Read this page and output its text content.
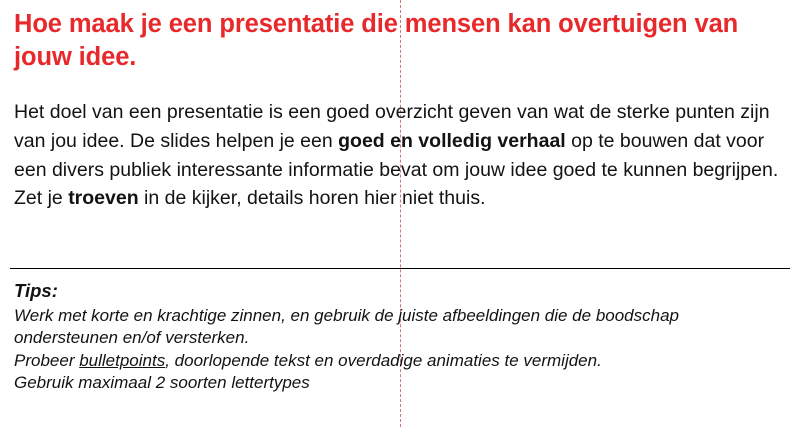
Hoe maak je een presentatie die mensen kan overtuigen van jouw idee.

Het doel van een presentatie is een goed overzicht geven van wat de sterke punten zijn van jou idee. De slides helpen je een goed en volledig verhaal op te bouwen dat voor een divers publiek interessante informatie bevat om jouw idee goed te kunnen begrijpen. Zet je troeven in de kijker, details horen hier niet thuis.

Tips:
Werk met korte en krachtige zinnen, en gebruik de juiste afbeeldingen die de boodschap ondersteunen en/of versterken.
Probeer bulletpoints, doorlopende tekst en overdadige animaties te vermijden.
Gebruik maximaal 2 soorten lettertypes
